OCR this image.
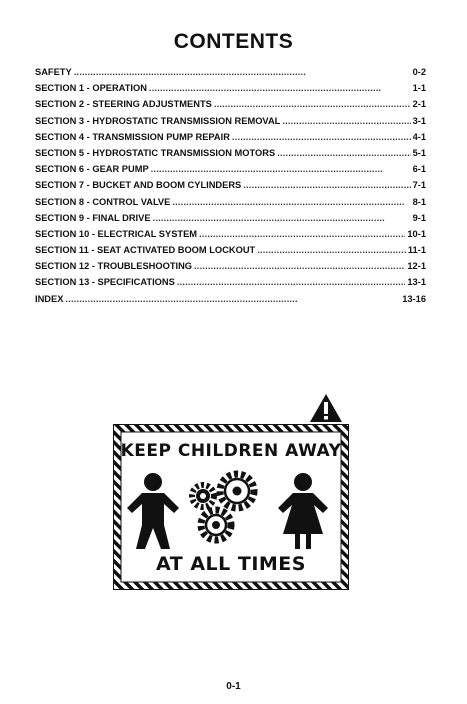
CONTENTS
SAFETY . . .	0-2
SECTION 1 - OPERATION . . .	1-1
SECTION 2 - STEERING ADJUSTMENTS . . .	2-1
SECTION 3 - HYDROSTATIC TRANSMISSION REMOVAL . . .	3-1
SECTION 4 - TRANSMISSION PUMP REPAIR . . .	4-1
SECTION 5 - HYDROSTATIC TRANSMISSION MOTORS . . .	5-1
SECTION 6 - GEAR PUMP . . .	6-1
SECTION 7 - BUCKET AND BOOM CYLINDERS . . .	7-1
SECTION 8 - CONTROL VALVE . . .	8-1
SECTION 9 - FINAL DRIVE . . .	9-1
SECTION 10 - ELECTRICAL SYSTEM . . .	10-1
SECTION 11 - SEAT ACTIVATED BOOM LOCKOUT . . .	11-1
SECTION 12 - TROUBLESHOOTING . . .	12-1
SECTION 13 - SPECIFICATIONS . . .	13-1
INDEX . . .	13-16
KEEP CHILDREN AWAY
AT ALL TIMES
0-1
